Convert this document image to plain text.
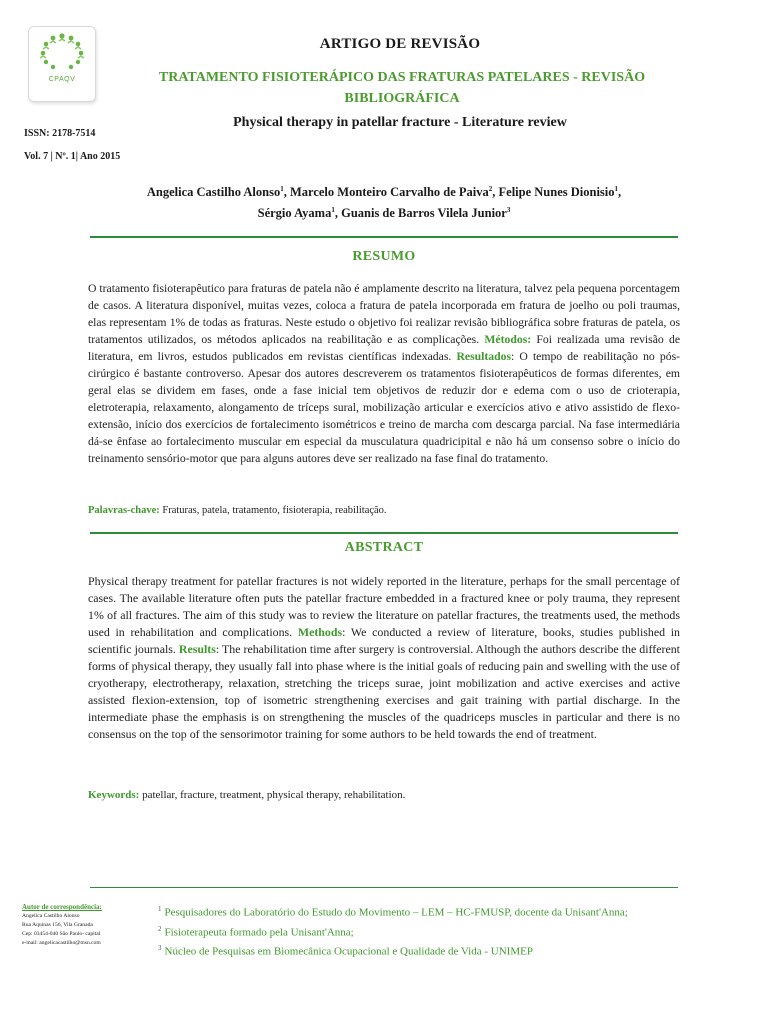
CPAQV
ISSN: 2178-7514
Vol. 7 | Nº. 1| Ano 2015
ARTIGO DE REVISÃO
TRATAMENTO FISIOTERÁPICO DAS FRATURAS PATELARES - REVISÃO BIBLIOGRÁFICA
Physical therapy in patellar fracture - Literature review
Angelica Castilho Alonso$^1$, Marcelo Monteiro Carvalho de Paiva$^2$, Felipe Nunes Dionisio$^1$,
Sérgio Ayama$^1$, Guanis de Barros Vilela Junior$^3$
RESUMO
O tratamento fisioterapêutico para fraturas de patela não é amplamente descrito na literatura, talvez pela pequena porcentagem de casos. A literatura disponível, muitas vezes, coloca a fratura de patela incorporada em fratura de joelho ou poli traumas, elas representam 1% de todas as fraturas. Neste estudo o objetivo foi realizar revisão bibliográfica sobre fraturas de patela, os tratamentos utilizados, os métodos aplicados na reabilitação e as complicações. Métodos: Foi realizada uma revisão de literatura, em livros, estudos publicados em revistas científicas indexadas. Resultados: O tempo de reabilitação no pós-cirúrgico é bastante controverso. Apesar dos autores descreverem os tratamentos fisioterapêuticos de formas diferentes, em geral elas se dividem em fases, onde a fase inicial tem objetivos de reduzir dor e edema com o uso de crioterapia, eletroterapia, relaxamento, alongamento de tríceps sural, mobilização articular e exercícios ativo e ativo assistido de flexo-extensão, início dos exercícios de fortalecimento isométricos e treino de marcha com descarga parcial. Na fase intermediária dá-se ênfase ao fortalecimento muscular em especial da musculatura quadricipital e não há um consenso sobre o início do treinamento sensório-motor que para alguns autores deve ser realizado na fase final do tratamento.
Palavras-chave: Fraturas, patela, tratamento, fisioterapia, reabilitação.
ABSTRACT
Physical therapy treatment for patellar fractures is not widely reported in the literature, perhaps for the small percentage of cases. The available literature often puts the patellar fracture embedded in a fractured knee or poly trauma, they represent 1% of all fractures. The aim of this study was to review the literature on patellar fractures, the treatments used, the methods used in rehabilitation and complications. Methods: We conducted a review of literature, books, studies published in scientific journals. Results: The rehabilitation time after surgery is controversial. Although the authors describe the different forms of physical therapy, they usually fall into phase where is the initial goals of reducing pain and swelling with the use of cryotherapy, electrotherapy, relaxation, stretching the triceps surae, joint mobilization and active exercises and active assisted flexion-extension, top of isometric strengthening exercises and gait training with partial discharge. In the intermediate phase the emphasis is on strengthening the muscles of the quadriceps muscles in particular and there is no consensus on the top of the sensorimotor training for some authors to be held towards the end of treatment.
Keywords: patellar, fracture, treatment, physical therapy, rehabilitation.
Autor de correspondência:
Angelica Castilho Alonso
Rua Aquinas 156, Vila Granada
Cep: 03454-040 São Paulo- capital
e-mail: angelicacastilho@msn.com
$^1$ Pesquisadores do Laboratório do Estudo do Movimento – LEM – HC-FMUSP, docente da Unisant'Anna;
$^2$ Fisioterapeuta formado pela Unisant'Anna;
$^3$ Núcleo de Pesquisas em Biomecânica Ocupacional e Qualidade de Vida - UNIMEP
